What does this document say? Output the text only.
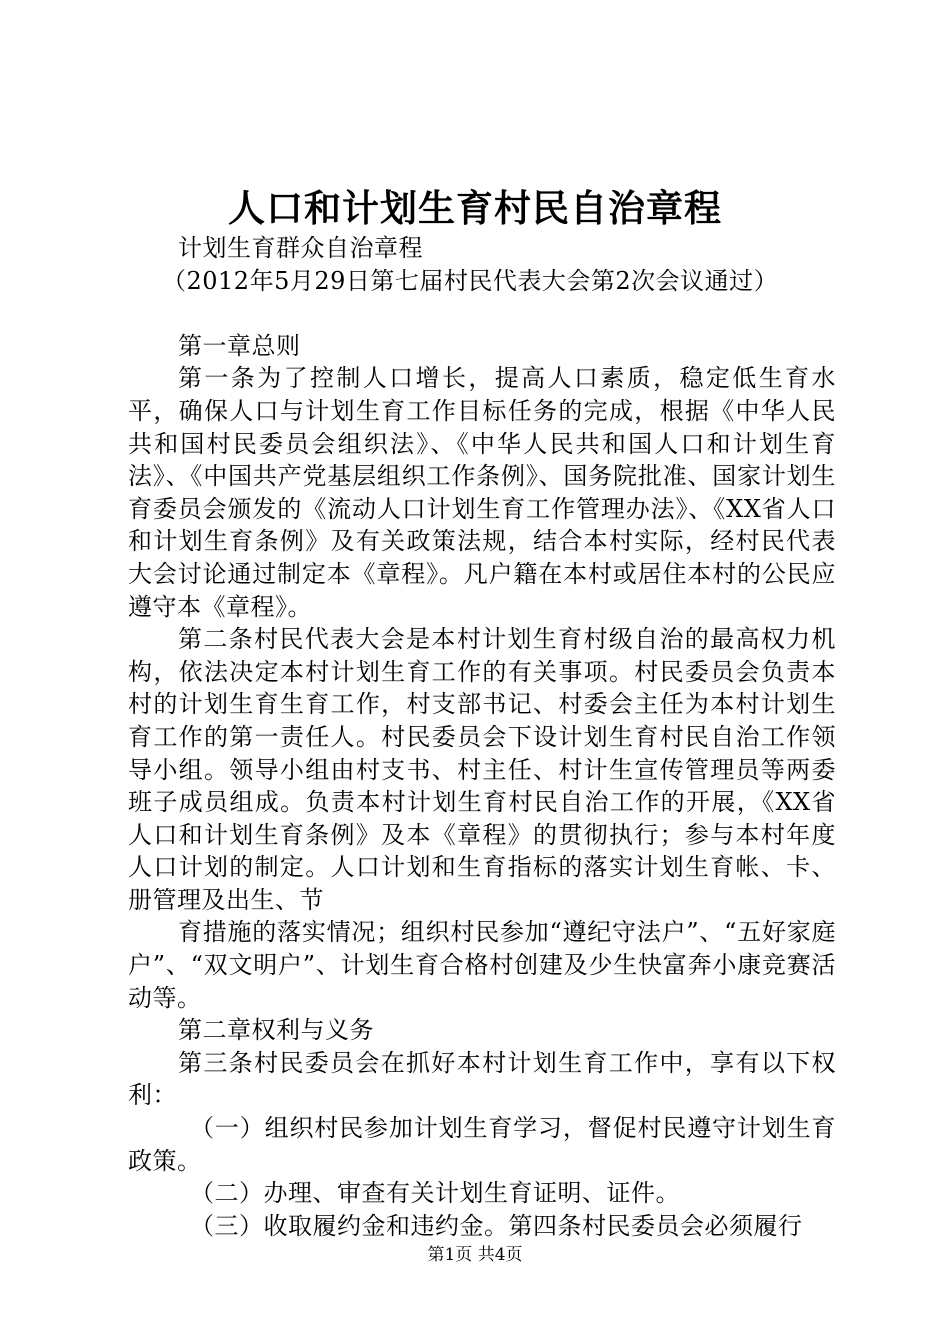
人口和计划生育村民自治章程

计划生育群众自治章程

（2012年5月29日第七届村民代表大会第2次会议通过）

第一章总则

第一条为了控制人口增长，提高人口素质，稳定低生育水平，确保人口与计划生育工作目标任务的完成，根据《中华人民共和国村民委员会组织法》、《中华人民共和国人口和计划生育法》、《中国共产党基层组织工作条例》、国务院批准、国家计划生育委员会颁发的《流动人口计划生育工作管理办法》、《XX省人口和计划生育条例》及有关政策法规，结合本村实际，经村民代表大会讨论通过制定本《章程》。凡户籍在本村或居住本村的公民应遵守本《章程》。

第二条村民代表大会是本村计划生育村级自治的最高权力机构，依法决定本村计划生育工作的有关事项。村民委员会负责本村的计划生育生育工作，村支部书记、村委会主任为本村计划生育工作的第一责任人。村民委员会下设计划生育村民自治工作领导小组。领导小组由村支书、村主任、村计生宣传管理员等两委班子成员组成。负责本村计划生育村民自治工作的开展，《XX省人口和计划生育条例》及本《章程》的贯彻执行；参与本村年度人口计划的制定。人口计划和生育指标的落实计划生育帐、卡、册管理及出生、节

育措施的落实情况；组织村民参加“遵纪守法户”、“五好家庭户”、“双文明户”、计划生育合格村创建及少生快富奔小康竞赛活动等。

第二章权利与义务

第三条村民委员会在抓好本村计划生育工作中，享有以下权利：

（一）组织村民参加计划生育学习，督促村民遵守计划生育政策。

（二）办理、审查有关计划生育证明、证件。

（三）收取履约金和违约金。第四条村民委员会必须履行

第1页 共4页
